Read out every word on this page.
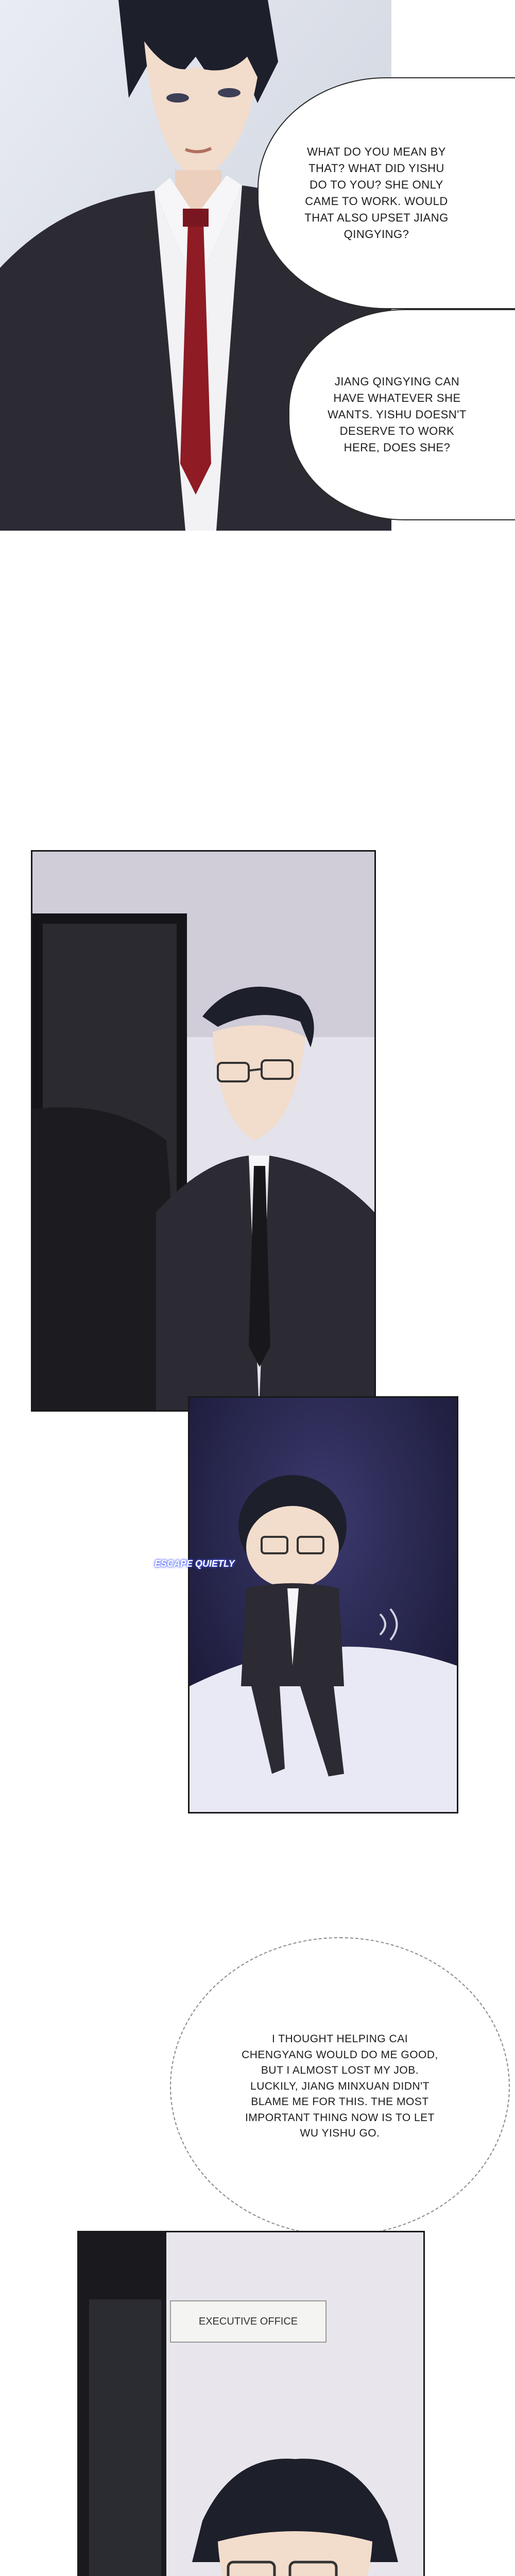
WHAT DO YOU MEAN BY THAT? WHAT DID YISHU DO TO YOU? SHE ONLY CAME TO WORK. WOULD THAT ALSO UPSET JIANG QINGYING?
JIANG QINGYING CAN HAVE WHATEVER SHE WANTS. YISHU DOESN'T DESERVE TO WORK HERE, DOES SHE?
ESCAPE QUIETLY
I THOUGHT HELPING CAI CHENGYANG WOULD DO ME GOOD, BUT I ALMOST LOST MY JOB. LUCKILY, JIANG MINXUAN DIDN'T BLAME ME FOR THIS. THE MOST IMPORTANT THING NOW IS TO LET WU YISHU GO.
EXECUTIVE OFFICE
